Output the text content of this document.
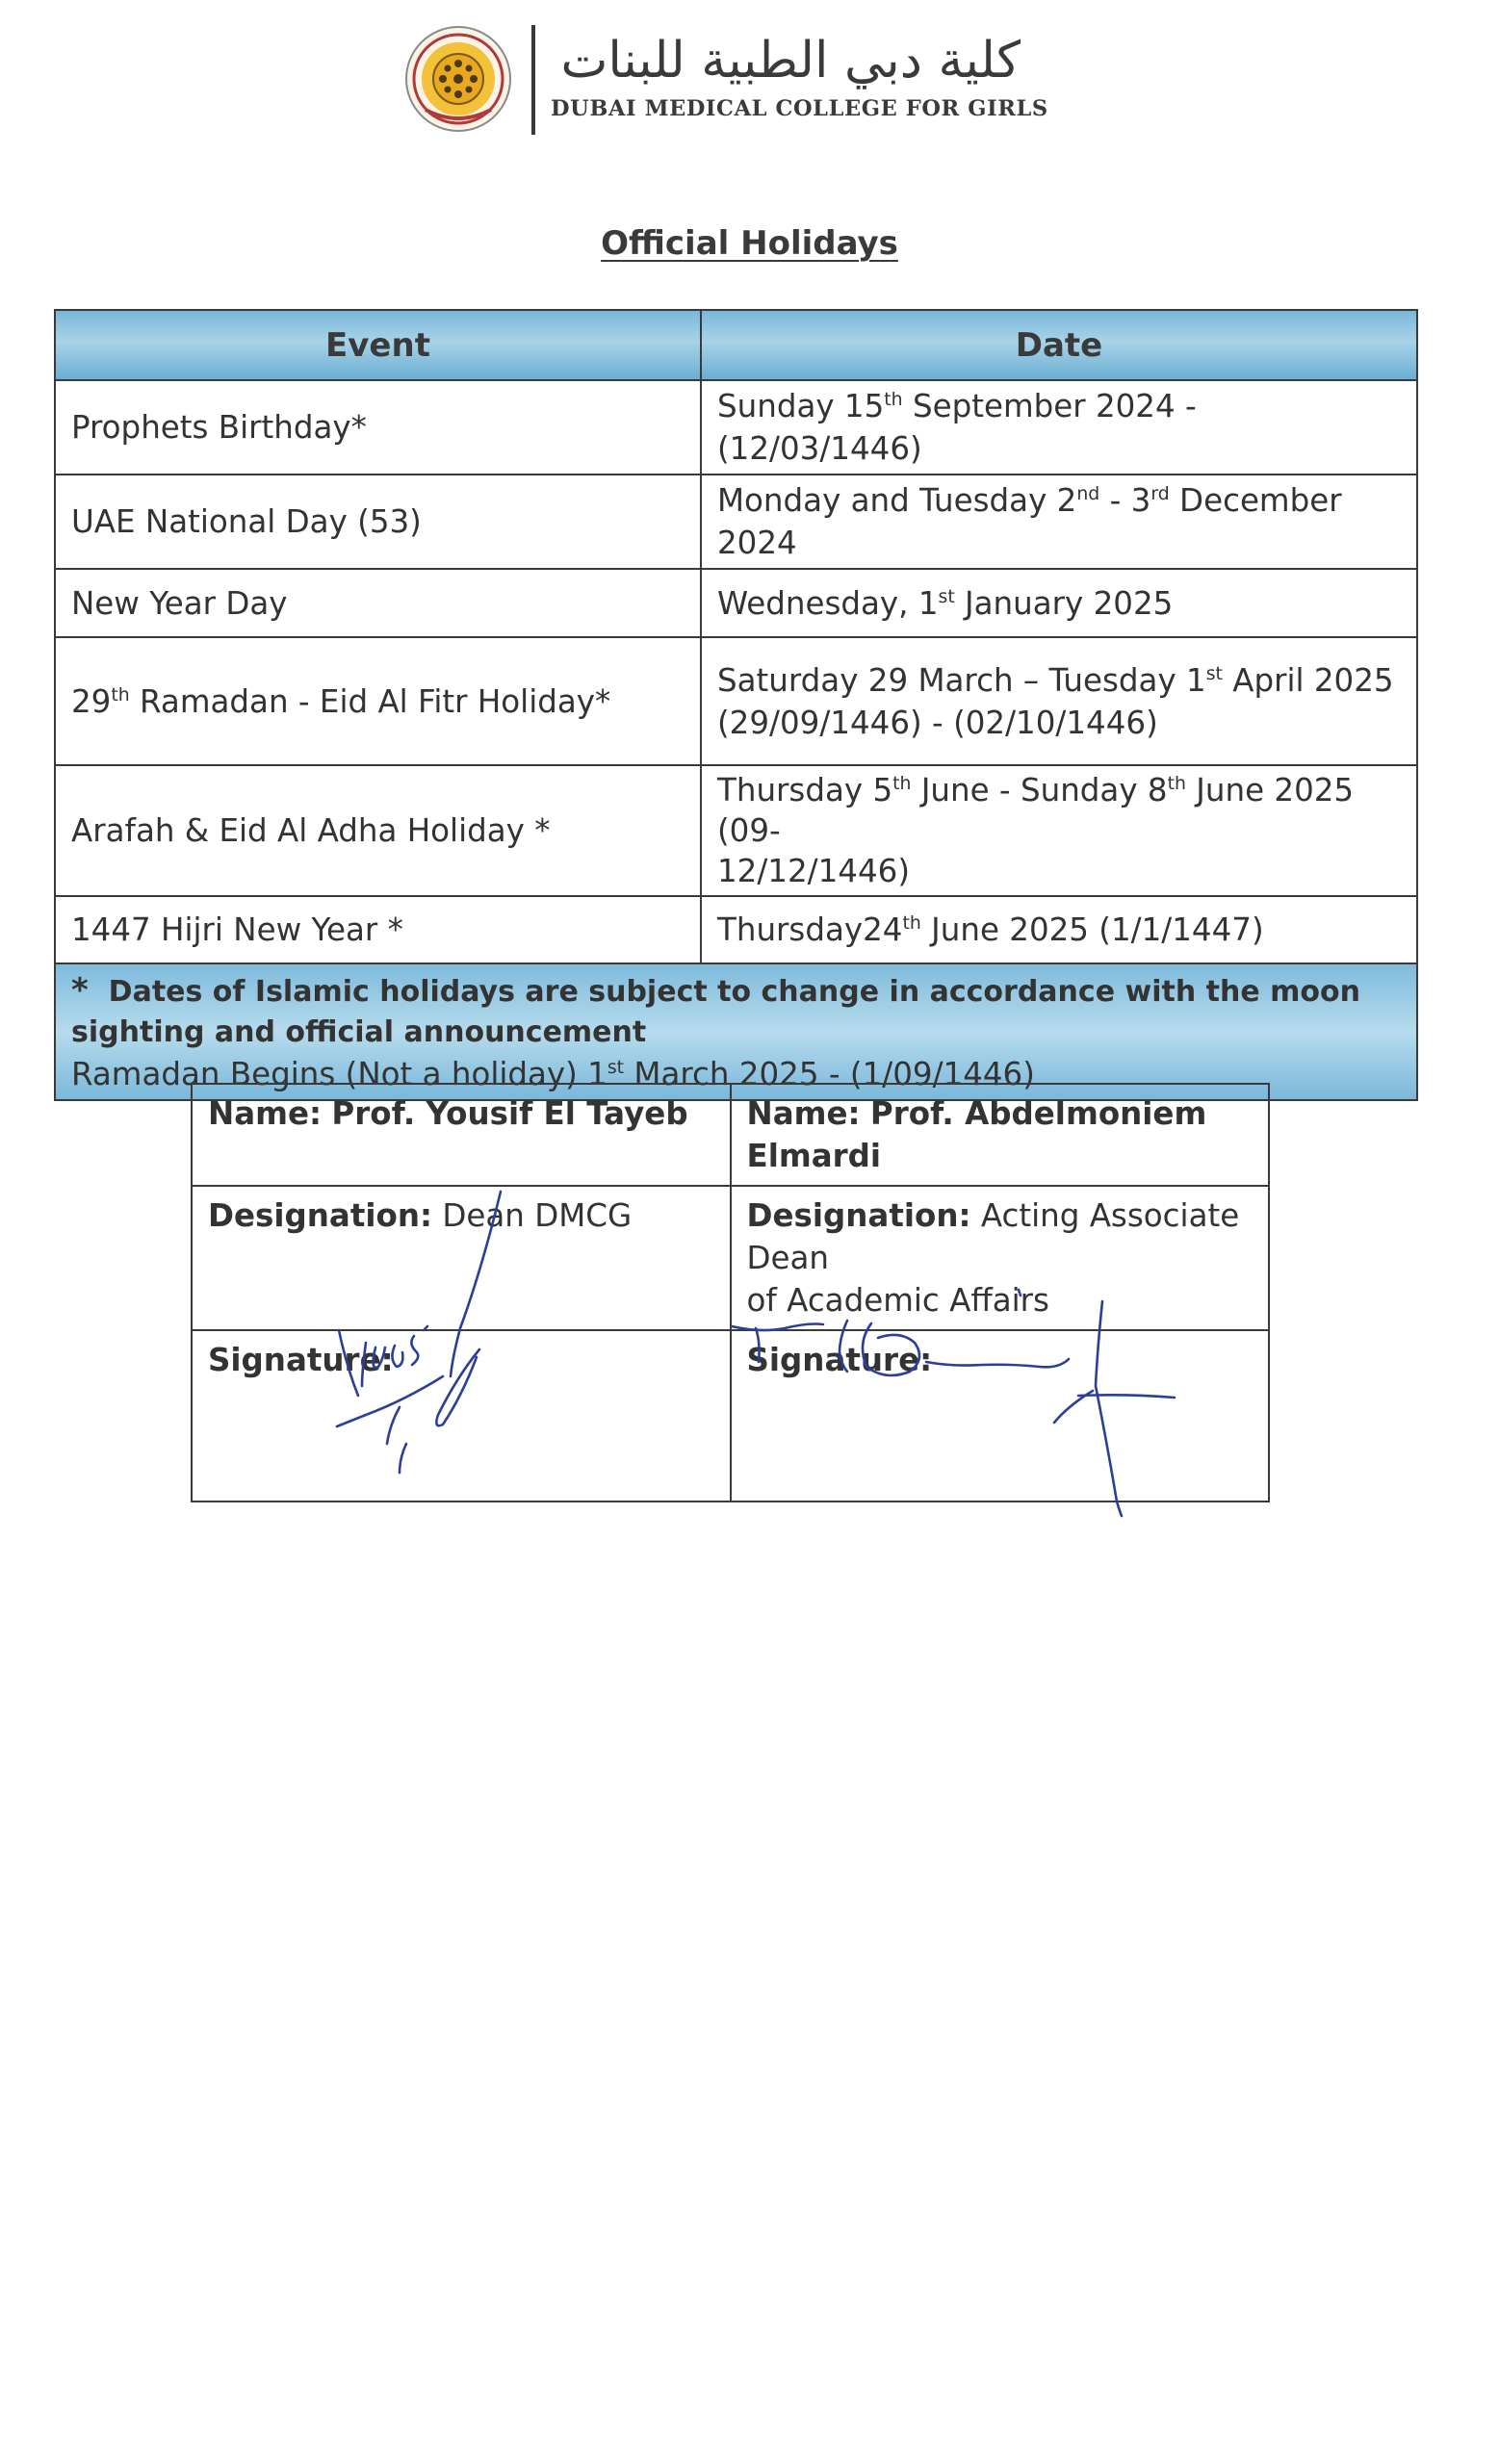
كلية دبي الطبية للبنات
DUBAI MEDICAL COLLEGE FOR GIRLS
Official Holidays
Event	Date
Prophets Birthday*	Sunday 15th September 2024 - (12/03/1446)
UAE National Day (53)	Monday and Tuesday 2nd - 3rd December 2024
New Year Day	Wednesday, 1st January 2025
29th Ramadan - Eid Al Fitr Holiday*	Saturday 29 March – Tuesday 1st April 2025
(29/09/1446) - (02/10/1446)
Arafah & Eid Al Adha Holiday *	Thursday 5th June - Sunday 8th June 2025 (09-
12/12/1446)
1447 Hijri New Year *	Thursday24th June 2025 (1/1/1447)

* Dates of Islamic holidays are subject to change in accordance with the moon sighting and official announcement
Ramadan Begins (Not a holiday) 1st March 2025 - (1/09/1446)	
Name: Prof. Yousif El Tayeb	Name: Prof. Abdelmoniem Elmardi
Designation: Dean DMCG	Designation: Acting Associate Dean
of Academic Affairs
Signature:	Signature:
